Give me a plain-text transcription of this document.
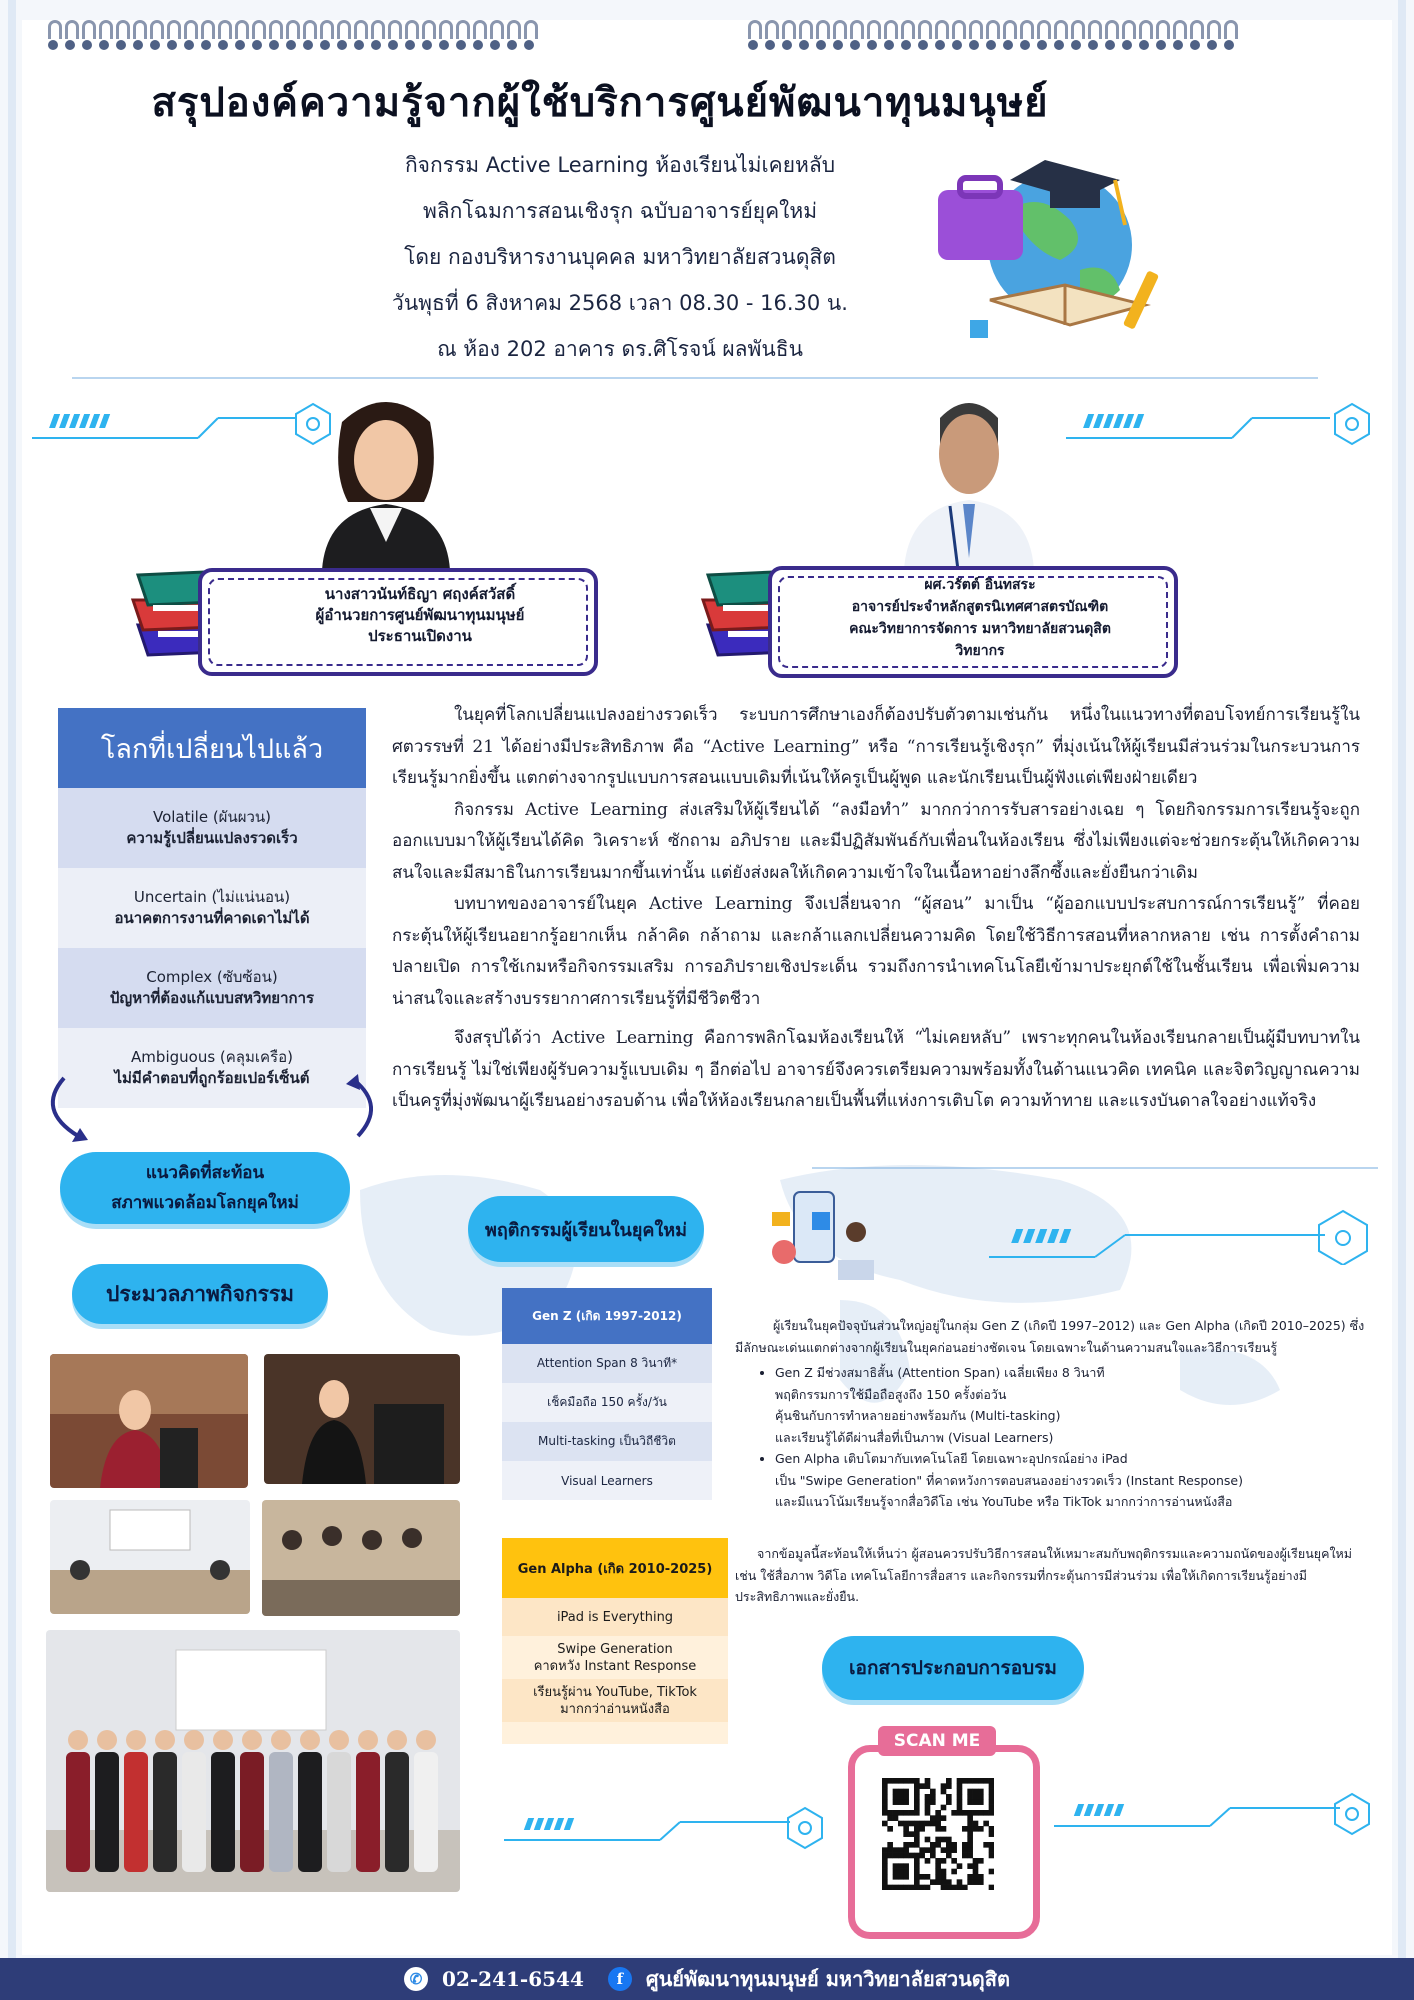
สรุปองค์ความรู้จากผู้ใช้บริการศูนย์พัฒนาทุนมนุษย์
กิจกรรม Active Learning ห้องเรียนไม่เคยหลับ
พลิกโฉมการสอนเชิงรุก ฉบับอาจารย์ยุคใหม่
โดย กองบริหารงานบุคคล มหาวิทยาลัยสวนดุสิต
วันพุธที่ 6 สิงหาคม 2568 เวลา 08.30 - 16.30 น.
ณ ห้อง 202 อาคาร ดร.ศิโรจน์ ผลพันธิน
นางสาวนันท์ธิญา ศฤงค์สวัสดิ์
ผู้อำนวยการศูนย์พัฒนาทุนมนุษย์
ประธานเปิดงาน
ผศ.วรัตต์ อินทสระ
อาจารย์ประจำหลักสูตรนิเทศศาสตรบัณฑิต
คณะวิทยาการจัดการ มหาวิทยาลัยสวนดุสิต
วิทยากร
โลกที่เปลี่ยนไปแล้ว
Volatile (ผันผวน)
ความรู้เปลี่ยนแปลงรวดเร็ว
Uncertain (ไม่แน่นอน)
อนาคตการงานที่คาดเดาไม่ได้
Complex (ซับซ้อน)
ปัญหาที่ต้องแก้แบบสหวิทยาการ
Ambiguous (คลุมเครือ)
ไม่มีคำตอบที่ถูกร้อยเปอร์เซ็นต์

ในยุคที่โลกเปลี่ยนแปลงอย่างรวดเร็ว ระบบการศึกษาเองก็ต้องปรับตัวตามเช่นกัน หนึ่งในแนวทางที่ตอบโจทย์การเรียนรู้ในศตวรรษที่ 21 ได้อย่างมีประสิทธิภาพ คือ “Active Learning” หรือ “การเรียนรู้เชิงรุก” ที่มุ่งเน้นให้ผู้เรียนมีส่วนร่วมในกระบวนการเรียนรู้มากยิ่งขึ้น แตกต่างจากรูปแบบการสอนแบบเดิมที่เน้นให้ครูเป็นผู้พูด และนักเรียนเป็นผู้ฟังแต่เพียงฝ่ายเดียว

กิจกรรม Active Learning ส่งเสริมให้ผู้เรียนได้ “ลงมือทำ” มากกว่าการรับสารอย่างเฉย ๆ โดยกิจกรรมการเรียนรู้จะถูกออกแบบมาให้ผู้เรียนได้คิด วิเคราะห์ ซักถาม อภิปราย และมีปฏิสัมพันธ์กับเพื่อนในห้องเรียน ซึ่งไม่เพียงแต่จะช่วยกระตุ้นให้เกิดความสนใจและมีสมาธิในการเรียนมากขึ้นเท่านั้น แต่ยังส่งผลให้เกิดความเข้าใจในเนื้อหาอย่างลึกซึ้งและยั่งยืนกว่าเดิม

บทบาทของอาจารย์ในยุค Active Learning จึงเปลี่ยนจาก “ผู้สอน” มาเป็น “ผู้ออกแบบประสบการณ์การเรียนรู้” ที่คอยกระตุ้นให้ผู้เรียนอยากรู้อยากเห็น กล้าคิด กล้าถาม และกล้าแลกเปลี่ยนความคิด โดยใช้วิธีการสอนที่หลากหลาย เช่น การตั้งคำถามปลายเปิด การใช้เกมหรือกิจกรรมเสริม การอภิปรายเชิงประเด็น รวมถึงการนำเทคโนโลยีเข้ามาประยุกต์ใช้ในชั้นเรียน เพื่อเพิ่มความน่าสนใจและสร้างบรรยากาศการเรียนรู้ที่มีชีวิตชีวา

จึงสรุปได้ว่า Active Learning คือการพลิกโฉมห้องเรียนให้ “ไม่เคยหลับ” เพราะทุกคนในห้องเรียนกลายเป็นผู้มีบทบาทในการเรียนรู้ ไม่ใช่เพียงผู้รับความรู้แบบเดิม ๆ อีกต่อไป อาจารย์จึงควรเตรียมความพร้อมทั้งในด้านแนวคิด เทคนิค และจิตวิญญาณความเป็นครูที่มุ่งพัฒนาผู้เรียนอย่างรอบด้าน เพื่อให้ห้องเรียนกลายเป็นพื้นที่แห่งการเติบโต ความท้าทาย และแรงบันดาลใจอย่างแท้จริง

แนวคิดที่สะท้อน
สภาพแวดล้อมโลกยุคใหม่
พฤติกรรมผู้เรียนในยุคใหม่
ประมวลภาพกิจกรรม
Gen Z (เกิด 1997-2012)
Attention Span 8 วินาที*
เช็คมือถือ 150 ครั้ง/วัน
Multi-tasking เป็นวิถีชีวิต
Visual Learners
Gen Alpha (เกิด 2010-2025)
iPad is Everything
Swipe Generation
คาดหวัง Instant Response
เรียนรู้ผ่าน YouTube, TikTok
มากกว่าอ่านหนังสือ

ผู้เรียนในยุคปัจจุบันส่วนใหญ่อยู่ในกลุ่ม Gen Z (เกิดปี 1997–2012) และ Gen Alpha (เกิดปี 2010–2025) ซึ่งมีลักษณะเด่นแตกต่างจากผู้เรียนในยุคก่อนอย่างชัดเจน โดยเฉพาะในด้านความสนใจและวิธีการเรียนรู้

• Gen Z มีช่วงสมาธิสั้น (Attention Span) เฉลี่ยเพียง 8 วินาที
พฤติกรรมการใช้มือถือสูงถึง 150 ครั้งต่อวัน
คุ้นชินกับการทำหลายอย่างพร้อมกัน (Multi-tasking)
และเรียนรู้ได้ดีผ่านสื่อที่เป็นภาพ (Visual Learners)
• Gen Alpha เติบโตมากับเทคโนโลยี โดยเฉพาะอุปกรณ์อย่าง iPad
เป็น "Swipe Generation" ที่คาดหวังการตอบสนองอย่างรวดเร็ว (Instant Response)
และมีแนวโน้มเรียนรู้จากสื่อวิดีโอ เช่น YouTube หรือ TikTok มากกว่าการอ่านหนังสือ
จากข้อมูลนี้สะท้อนให้เห็นว่า ผู้สอนควรปรับวิธีการสอนให้เหมาะสมกับพฤติกรรมและความถนัดของผู้เรียนยุคใหม่ เช่น ใช้สื่อภาพ วิดีโอ เทคโนโลยีการสื่อสาร และกิจกรรมที่กระตุ้นการมีส่วนร่วม เพื่อให้เกิดการเรียนรู้อย่างมีประสิทธิภาพและยั่งยืน.
เอกสารประกอบการอบรม
SCAN ME
✆ 02-241-6544	f	ศูนย์พัฒนาทุนมนุษย์ มหาวิทยาลัยสวนดุสิต
